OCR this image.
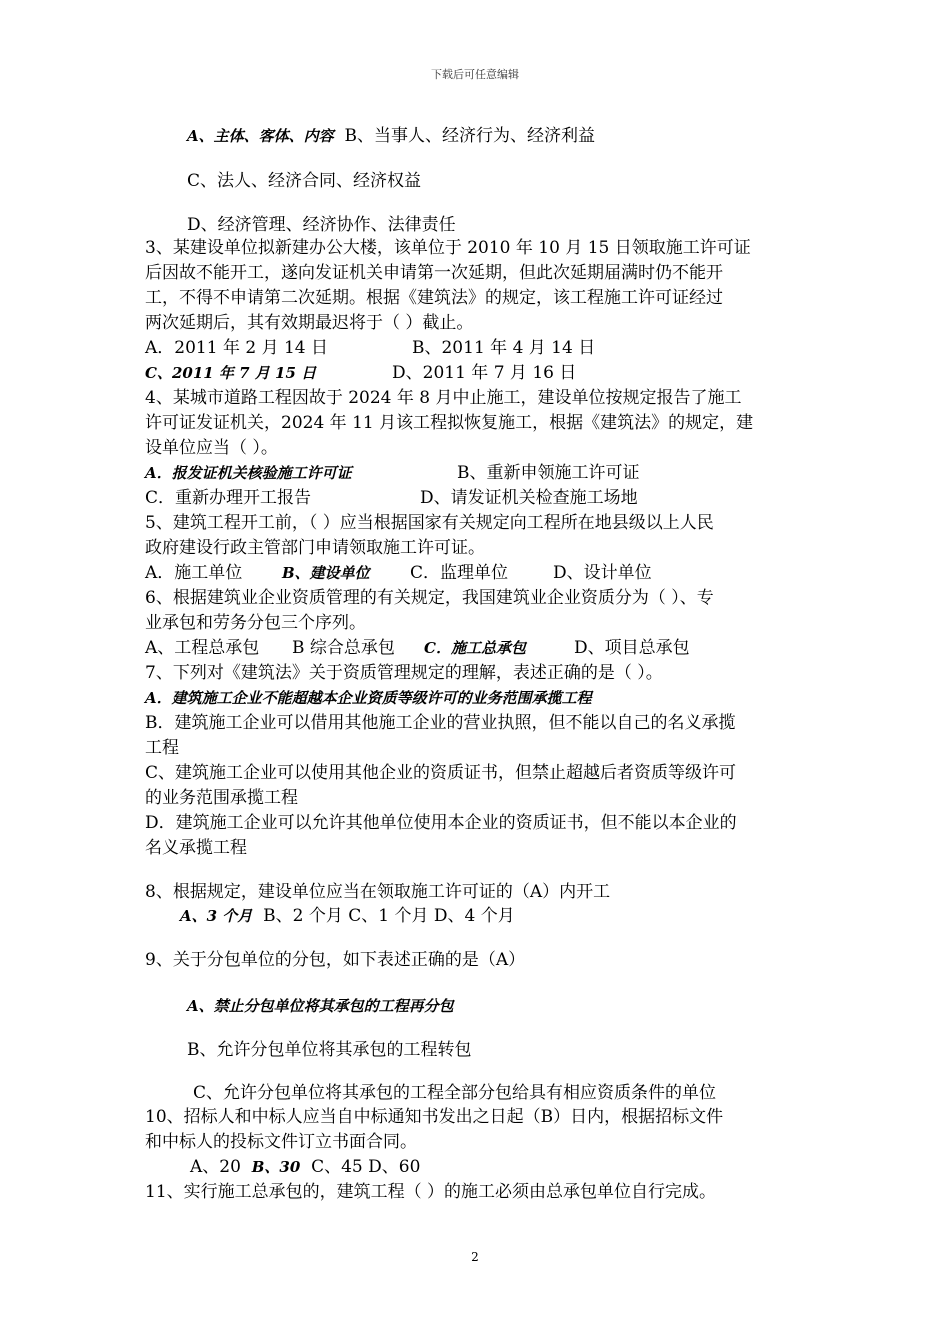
下载后可任意编辑
A、主体、客体、内容 B、当事人、经济行为、经济利益
C、法人、经济合同、经济权益
D、经济管理、经济协作、法律责任
3、某建设单位拟新建办公大楼，该单位于 2010 年 10 月 15 日领取施工许可证
后因故不能开工，遂向发证机关申请第一次延期，但此次延期届满时仍不能开
工，不得不申请第二次延期。根据《建筑法》的规定，该工程施工许可证经过
两次延期后，其有效期最迟将于（ ）截止。
A．2011 年 2 月 14 日	B、2011 年 4 月 14 日
C、2011 年 7 月 15 日	D、2011 年 7 月 16 日
4、某城市道路工程因故于 2024 年 8 月中止施工，建设单位按规定报告了施工
许可证发证机关，2024 年 11 月该工程拟恢复施工，根据《建筑法》的规定，建
设单位应当（ ）。
A．报发证机关核验施工许可证	B、重新申领施工许可证
C．重新办理开工报告	D、请发证机关检查施工场地
5、建筑工程开工前，（ ）应当根据国家有关规定向工程所在地县级以上人民
政府建设行政主管部门申请领取施工许可证。
A．施工单位	B、建设单位 C．监理单位	D、设计单位
6、根据建筑业企业资质管理的有关规定，我国建筑业企业资质分为（ ）、专
业承包和劳务分包三个序列。
A、工程总承包 B 综合总承包 C．施工总承包	D、项目总承包
7、下列对《建筑法》关于资质管理规定的理解，表述正确的是（ ）。
A．建筑施工企业不能超越本企业资质等级许可的业务范围承揽工程
B．建筑施工企业可以借用其他施工企业的营业执照，但不能以自己的名义承揽
工程
C、建筑施工企业可以使用其他企业的资质证书，但禁止超越后者资质等级许可
的业务范围承揽工程
D．建筑施工企业可以允许其他单位使用本企业的资质证书，但不能以本企业的
名义承揽工程
8、根据规定，建设单位应当在领取施工许可证的（A）内开工
A、3 个月 B、2 个月 C、1 个月 D、4 个月
9、关于分包单位的分包，如下表述正确的是（A）
A、禁止分包单位将其承包的工程再分包
B、允许分包单位将其承包的工程转包
C、允许分包单位将其承包的工程全部分包给具有相应资质条件的单位
10、招标人和中标人应当自中标通知书发出之日起（B）日内，根据招标文件
和中标人的投标文件订立书面合同。
A、20 B、30 C、45 D、60
11、实行施工总承包的，建筑工程（ ）的施工必须由总承包单位自行完成。
2
